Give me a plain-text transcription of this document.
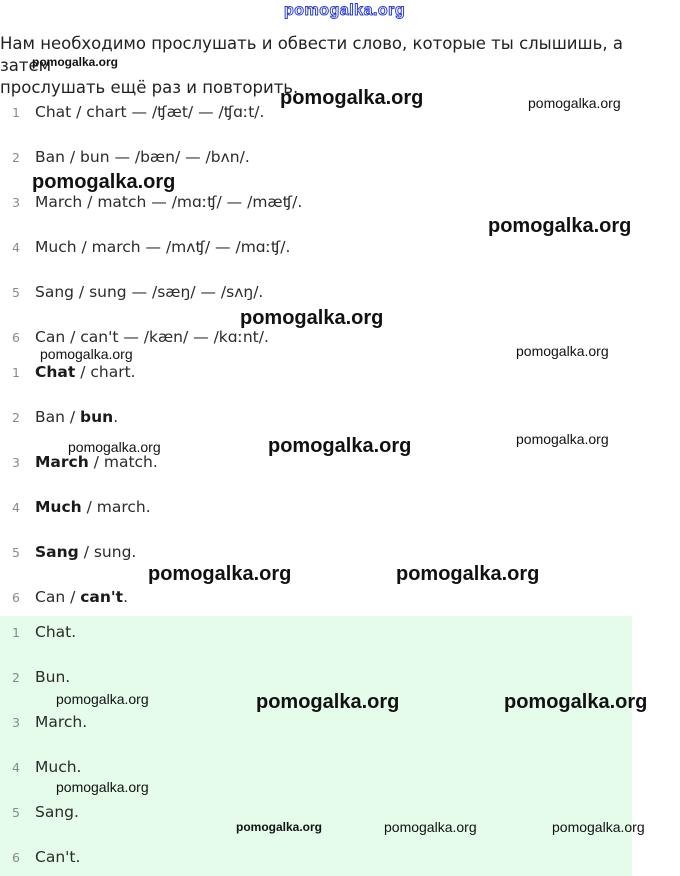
pomogalka.org

Нам необходимо прослушать и обвести слово, которые ты слышишь, а затем

прослушать ещё раз и повторить.

1 Chat / chart — /ʧæt/ — /ʧɑːt/.
2 Ban / bun — /bæn/ — /bʌn/.
3 March / match — /mɑːʧ/ — /mæʧ/.
4 Much / march — /mʌʧ/ — /mɑːʧ/.
5 Sang / sung — /sæŋ/ — /sʌŋ/.
6 Can / can't — /kæn/ — /kɑːnt/.
1 Chat / chart.
2 Ban / bun.
3 March / match.
4 Much / march.
5 Sang / sung.
6 Can / can't.
1 Chat.
2 Bun.
3 March.
4 Much.
5 Sang.
6 Can't.
pomogalka.org
pomogalka.org	pomogalka.org
pomogalka.org
pomogalka.org
pomogalka.org
pomogalka.org	pomogalka.org
pomogalka.org	pomogalka.org	pomogalka.org
pomogalka.org	pomogalka.org
pomogalka.org	pomogalka.org	pomogalka.org
pomogalka.org
pomogalka.org	pomogalka.org	pomogalka.org
